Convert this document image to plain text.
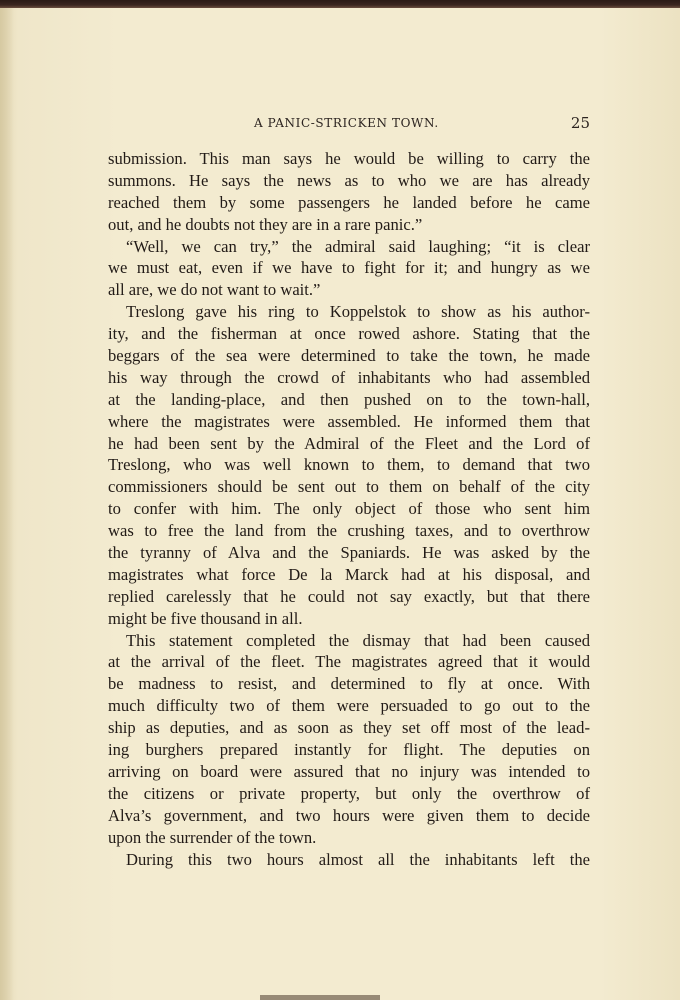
A PANIC-STRICKEN TOWN.	25
submission. This man says he would be willing to carry the
summons. He says the news as to who we are has already
reached them by some passengers he landed before he came
out, and he doubts not they are in a rare panic.”
“Well, we can try,” the admiral said laughing; “it is clear
we must eat, even if we have to fight for it; and hungry as we
all are, we do not want to wait.”
Treslong gave his ring to Koppelstok to show as his author-
ity, and the fisherman at once rowed ashore. Stating that the
beggars of the sea were determined to take the town, he made
his way through the crowd of inhabitants who had assembled
at the landing-place, and then pushed on to the town-hall,
where the magistrates were assembled. He informed them that
he had been sent by the Admiral of the Fleet and the Lord of
Treslong, who was well known to them, to demand that two
commissioners should be sent out to them on behalf of the city
to confer with him. The only object of those who sent him
was to free the land from the crushing taxes, and to overthrow
the tyranny of Alva and the Spaniards. He was asked by the
magistrates what force De la Marck had at his disposal, and
replied carelessly that he could not say exactly, but that there
might be five thousand in all.
This statement completed the dismay that had been caused
at the arrival of the fleet. The magistrates agreed that it would
be madness to resist, and determined to fly at once. With
much difficulty two of them were persuaded to go out to the
ship as deputies, and as soon as they set off most of the lead-
ing burghers prepared instantly for flight. The deputies on
arriving on board were assured that no injury was intended to
the citizens or private property, but only the overthrow of
Alva’s government, and two hours were given them to decide
upon the surrender of the town.
During this two hours almost all the inhabitants left the
